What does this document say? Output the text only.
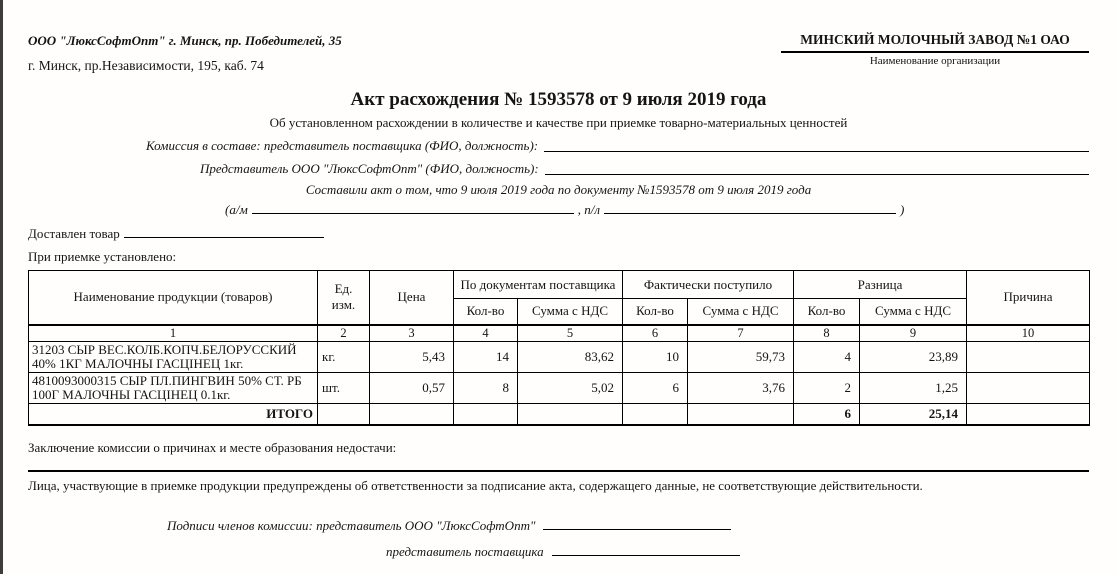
ООО "ЛюксСофтОпт" г. Минск, пр. Победителей, 35
г. Минск, пр.Независимости, 195, каб. 74
МИНСКИЙ МОЛОЧНЫЙ ЗАВОД №1 ОАО
Наименование организации
Акт расхождения № 1593578 от 9 июля 2019 года
Об установленном расхождении в количестве и качестве при приемке товарно-материальных ценностей
Комиссия в составе: представитель поставщика (ФИО, должность):
Представитель ООО "ЛюксСофтОпт" (ФИО, должность):
Составили акт о том, что 9 июля 2019 года по документу №1593578 от 9 июля 2019 года
(а/м	, п/л	)
Доставлен товар
При приемке установлено:
Наименование продукции (товаров)	Ед. изм.	Цена	По документам поставщика		Фактически поступило		Разница		Причина
			Кол-во	Сумма с НДС	Кол-во	Сумма с НДС	Кол-во	Сумма с НДС	
1	2	3	4	5	6	7	8	9	10
31203 СЫР ВЕС.КОЛБ.КОПЧ.БЕЛОРУССКИЙ 40% 1КГ МАЛОЧНЫ ГАСЦІНЕЦ 1кг.	кг.	5,43	14	83,62	10	59,73	4	23,89	
4810093000315 СЫР ПЛ.ПИНГВИН 50% СТ. РБ 100Г МАЛОЧНЫ ГАСЦІНЕЦ 0.1кг.	шт.	0,57	8	5,02	6	3,76	2	1,25	
ИТОГО							6	25,14	
Заключение комиссии о причинах и месте образования недостачи:
Лица, участвующие в приемке продукции предупреждены об ответственности за подписание акта, содержащего данные, не соответствующие действительности.
Подписи членов комиссии: представитель ООО "ЛюксСофтОпт"
представитель поставщика
